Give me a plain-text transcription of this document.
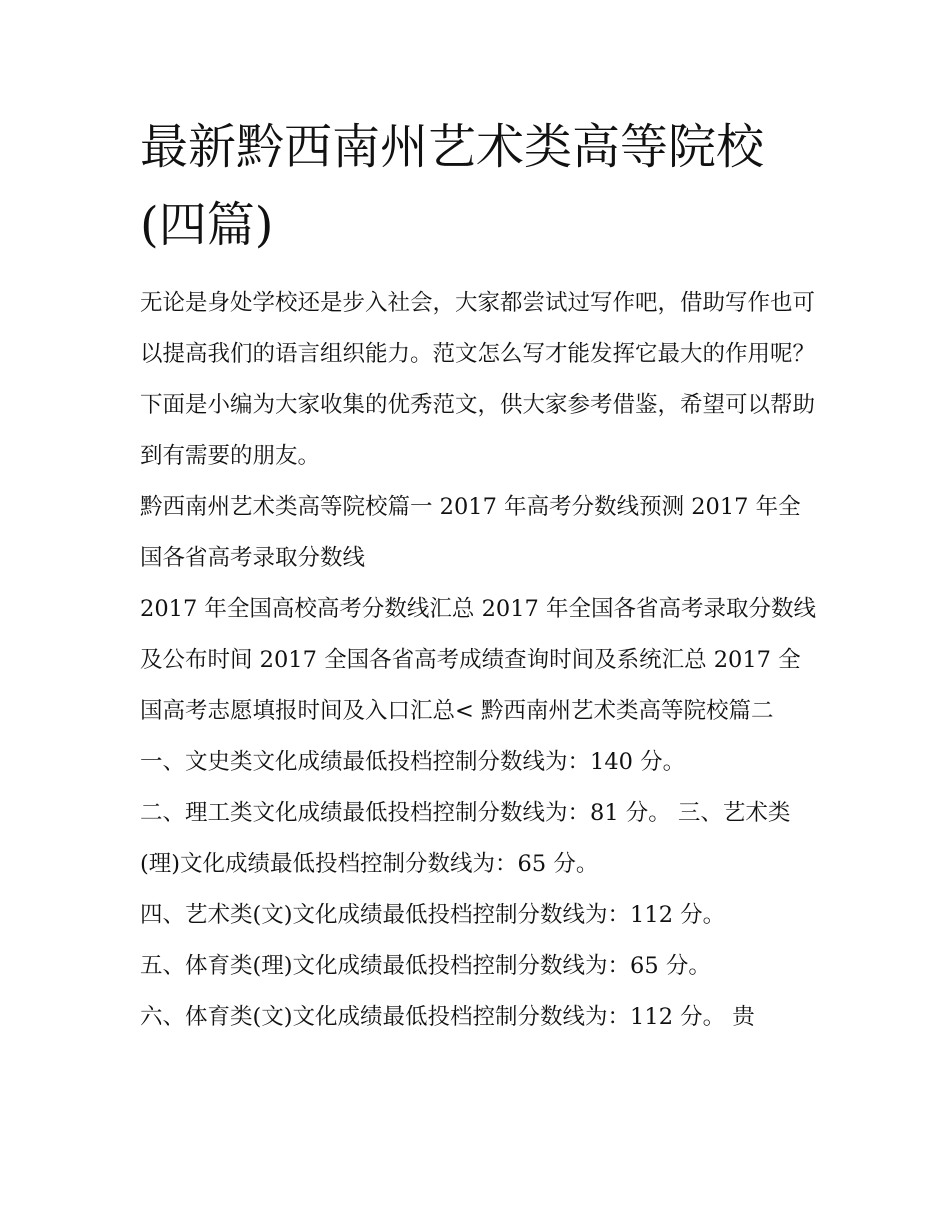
最新黔西南州艺术类高等院校(四篇)

无论是身处学校还是步入社会，大家都尝试过写作吧，借助写作也可以提高我们的语言组织能力。范文怎么写才能发挥它最大的作用呢？下面是小编为大家收集的优秀范文，供大家参考借鉴，希望可以帮助到有需要的朋友。

黔西南州艺术类高等院校篇一 2017 年高考分数线预测 2017 年全国各省高考录取分数线

2017 年全国高校高考分数线汇总 2017 年全国各省高考录取分数线及公布时间 2017 全国各省高考成绩查询时间及系统汇总 2017 全国高考志愿填报时间及入口汇总< 黔西南州艺术类高等院校篇二 一、文史类文化成绩最低投档控制分数线为：140 分。

二、理工类文化成绩最低投档控制分数线为：81 分。 三、艺术类(理)文化成绩最低投档控制分数线为：65 分。

四、艺术类(文)文化成绩最低投档控制分数线为：112 分。

五、体育类(理)文化成绩最低投档控制分数线为：65 分。

六、体育类(文)文化成绩最低投档控制分数线为：112 分。 贵
